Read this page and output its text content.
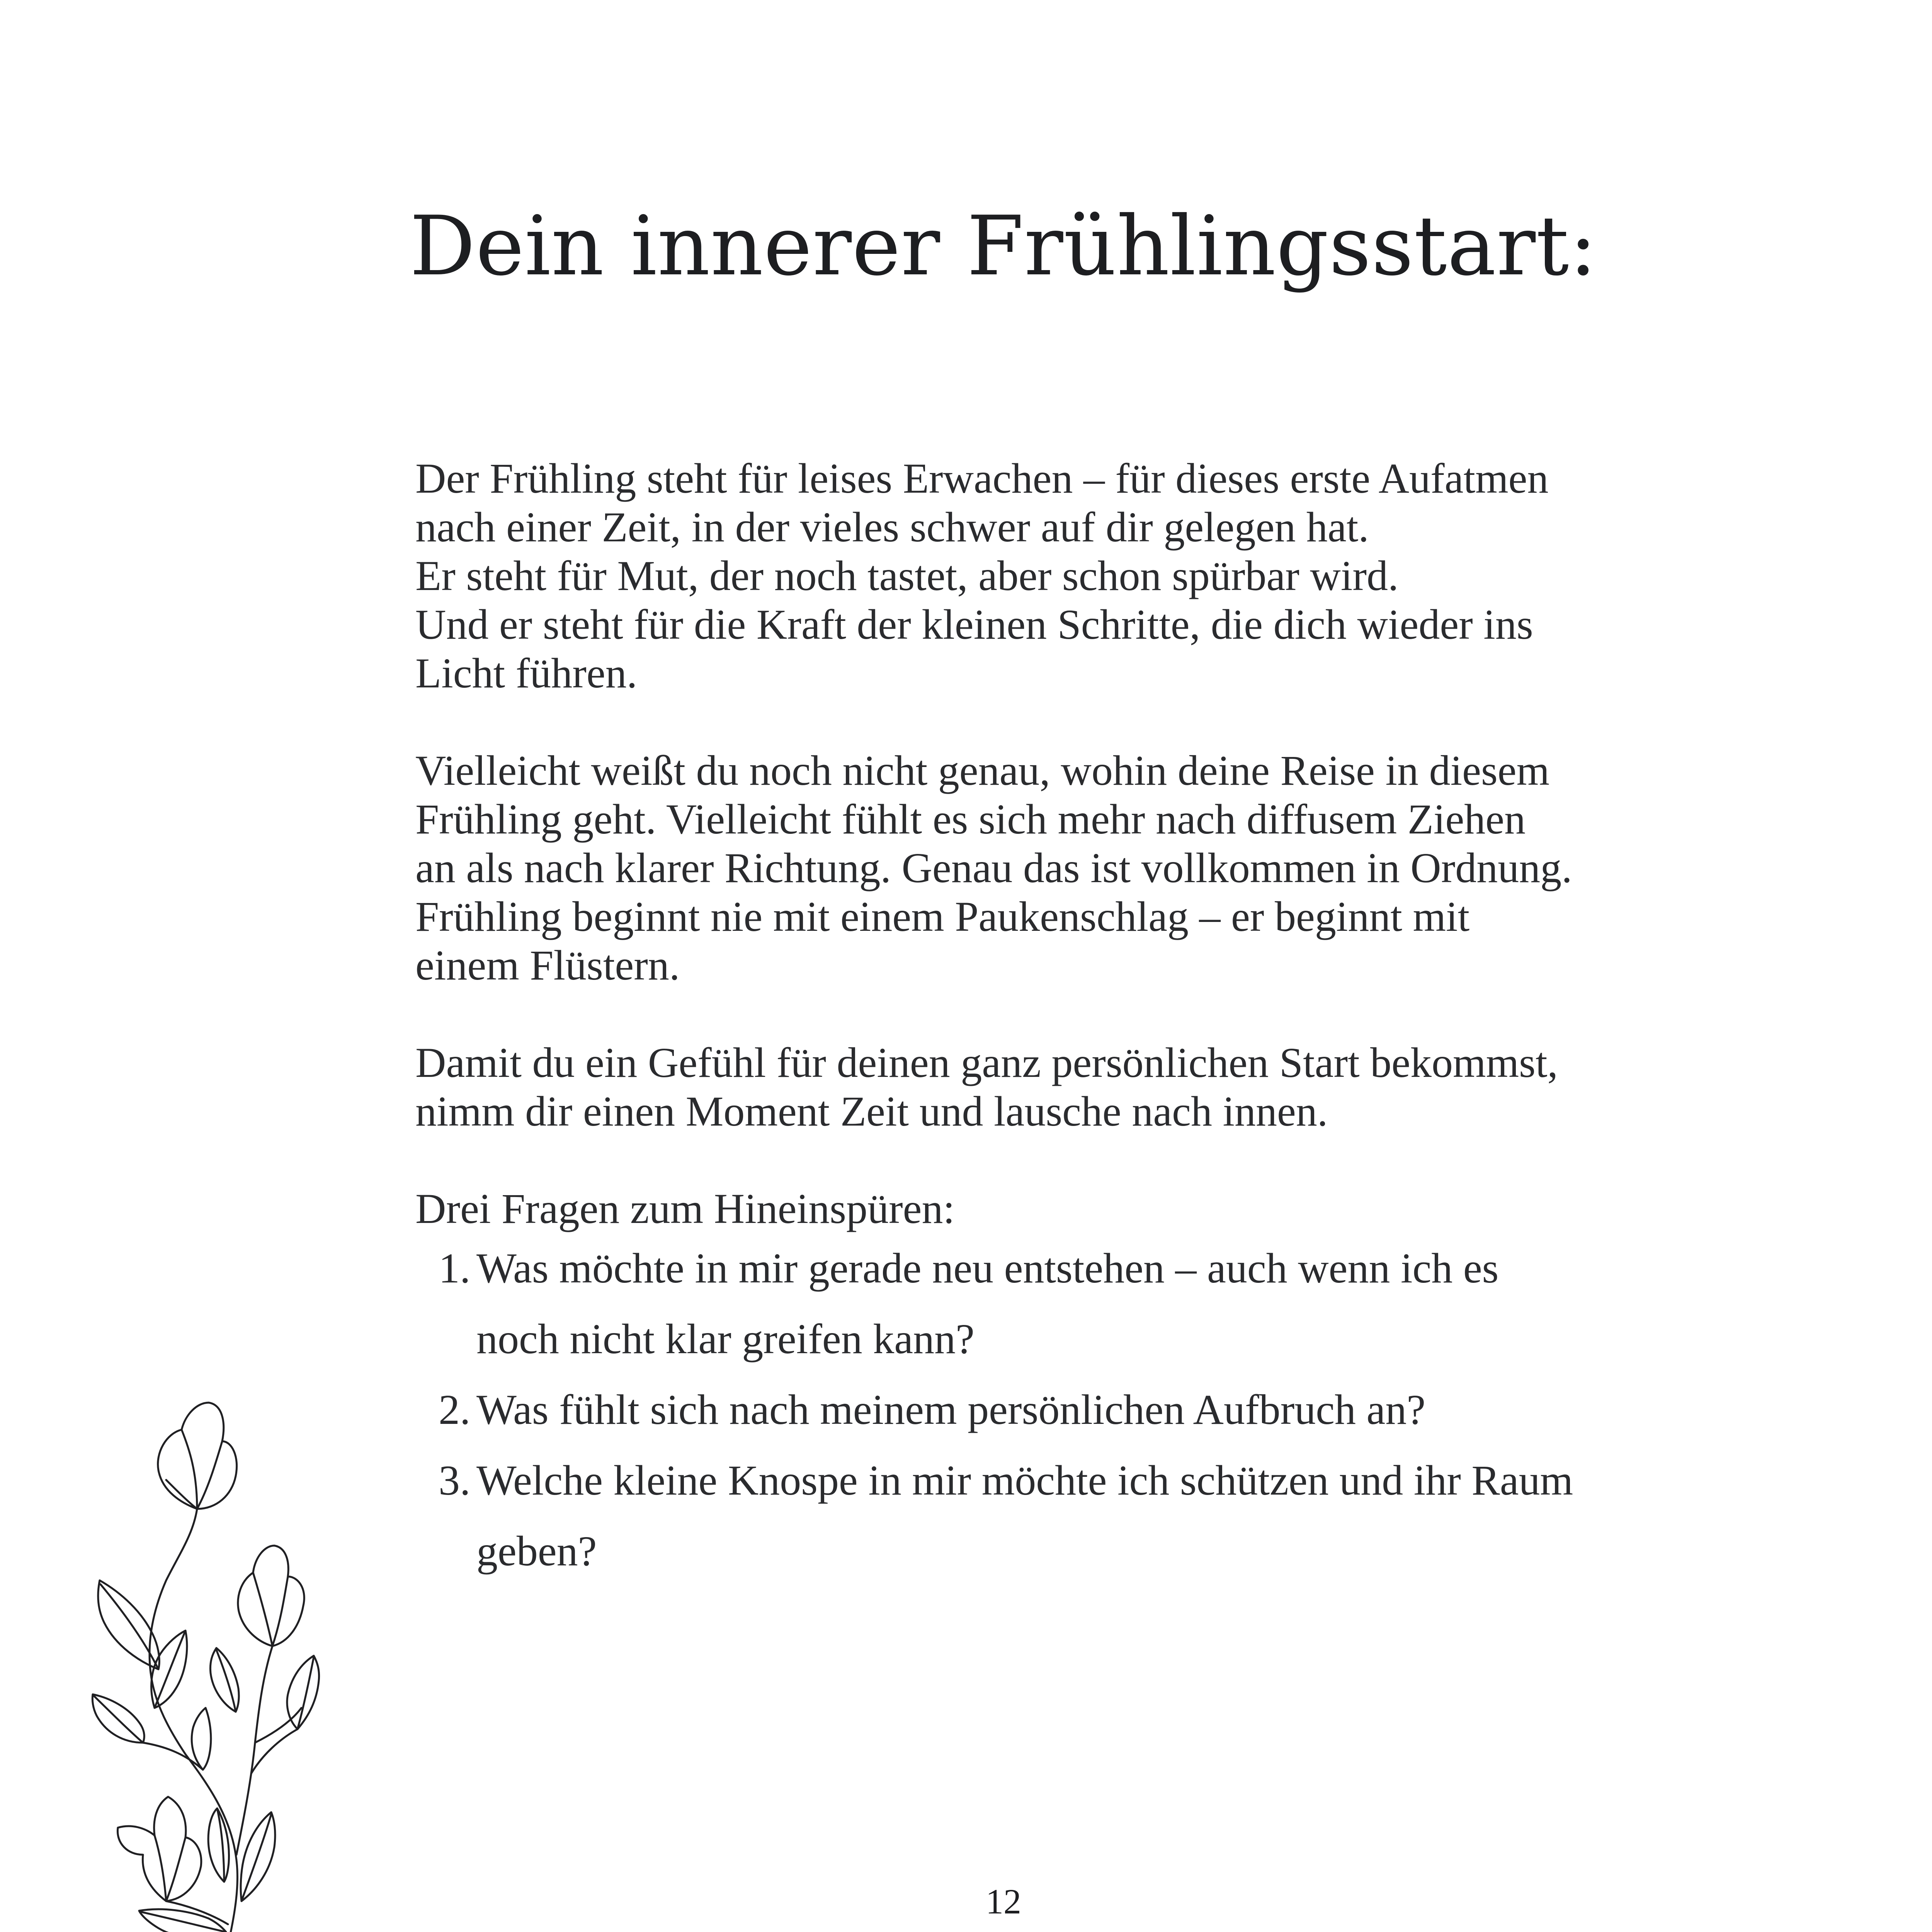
Dein innerer Frühlingsstart:

Der Frühling steht für leises Erwachen – für dieses erste Aufatmen
nach einer Zeit, in der vieles schwer auf dir gelegen hat.
Er steht für Mut, der noch tastet, aber schon spürbar wird.
Und er steht für die Kraft der kleinen Schritte, die dich wieder ins
Licht führen.

Vielleicht weißt du noch nicht genau, wohin deine Reise in diesem
Frühling geht. Vielleicht fühlt es sich mehr nach diffusem Ziehen
an als nach klarer Richtung. Genau das ist vollkommen in Ordnung.
Frühling beginnt nie mit einem Paukenschlag – er beginnt mit
einem Flüstern.

Damit du ein Gefühl für deinen ganz persönlichen Start bekommst,
nimm dir einen Moment Zeit und lausche nach innen.

Drei Fragen zum Hineinspüren:

1. Was möchte in mir gerade neu entstehen – auch wenn ich es
noch nicht klar greifen kann?
2. Was fühlt sich nach meinem persönlichen Aufbruch an?
3. Welche kleine Knospe in mir möchte ich schützen und ihr Raum
geben?
12
